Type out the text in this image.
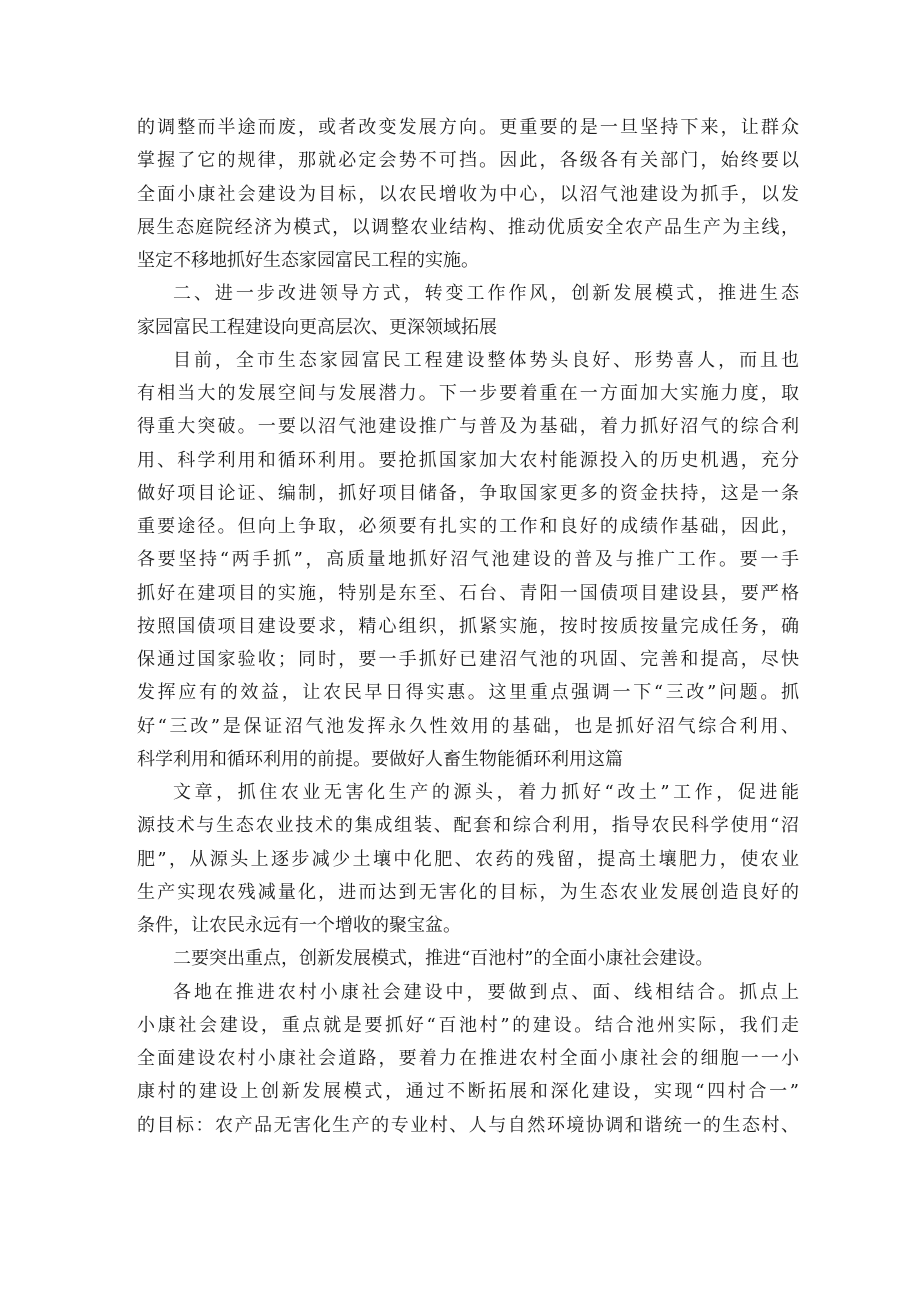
的调整而半途而废，或者改变发展方向。更重要的是一旦坚持下来，让群众
掌握了它的规律，那就必定会势不可挡。因此，各级各有关部门，始终要以
全面小康社会建设为目标，以农民增收为中心，以沼气池建设为抓手，以发
展生态庭院经济为模式，以调整农业结构、推动优质安全农产品生产为主线，
坚定不移地抓好生态家园富民工程的实施。
二、进一步改进领导方式，转变工作作风，创新发展模式，推进生态
家园富民工程建设向更高层次、更深领域拓展
目前，全市生态家园富民工程建设整体势头良好、形势喜人，而且也
有相当大的发展空间与发展潜力。下一步要着重在一方面加大实施力度，取
得重大突破。一要以沼气池建设推广与普及为基础，着力抓好沼气的综合利
用、科学利用和循环利用。要抢抓国家加大农村能源投入的历史机遇，充分
做好项目论证、编制，抓好项目储备，争取国家更多的资金扶持，这是一条
重要途径。但向上争取，必须要有扎实的工作和良好的成绩作基础，因此，
各要坚持“两手抓”，高质量地抓好沼气池建设的普及与推广工作。要一手
抓好在建项目的实施，特别是东至、石台、青阳一国债项目建设县，要严格
按照国债项目建设要求，精心组织，抓紧实施，按时按质按量完成任务，确
保通过国家验收；同时，要一手抓好已建沼气池的巩固、完善和提高，尽快
发挥应有的效益，让农民早日得实惠。这里重点强调一下“三改”问题。抓
好“三改”是保证沼气池发挥永久性效用的基础，也是抓好沼气综合利用、
科学利用和循环利用的前提。要做好人畜生物能循环利用这篇
文章，抓住农业无害化生产的源头，着力抓好“改土”工作，促进能
源技术与生态农业技术的集成组装、配套和综合利用，指导农民科学使用“沼
肥”，从源头上逐步减少土壤中化肥、农药的残留，提高土壤肥力，使农业
生产实现农残减量化，进而达到无害化的目标，为生态农业发展创造良好的
条件，让农民永远有一个增收的聚宝盆。
二要突出重点，创新发展模式，推进“百池村”的全面小康社会建设。
各地在推进农村小康社会建设中，要做到点、面、线相结合。抓点上
小康社会建设，重点就是要抓好“百池村”的建设。结合池州实际，我们走
全面建设农村小康社会道路，要着力在推进农村全面小康社会的细胞一一小
康村的建设上创新发展模式，通过不断拓展和深化建设，实现“四村合一”
的目标：农产品无害化生产的专业村、人与自然环境协调和谐统一的生态村、
